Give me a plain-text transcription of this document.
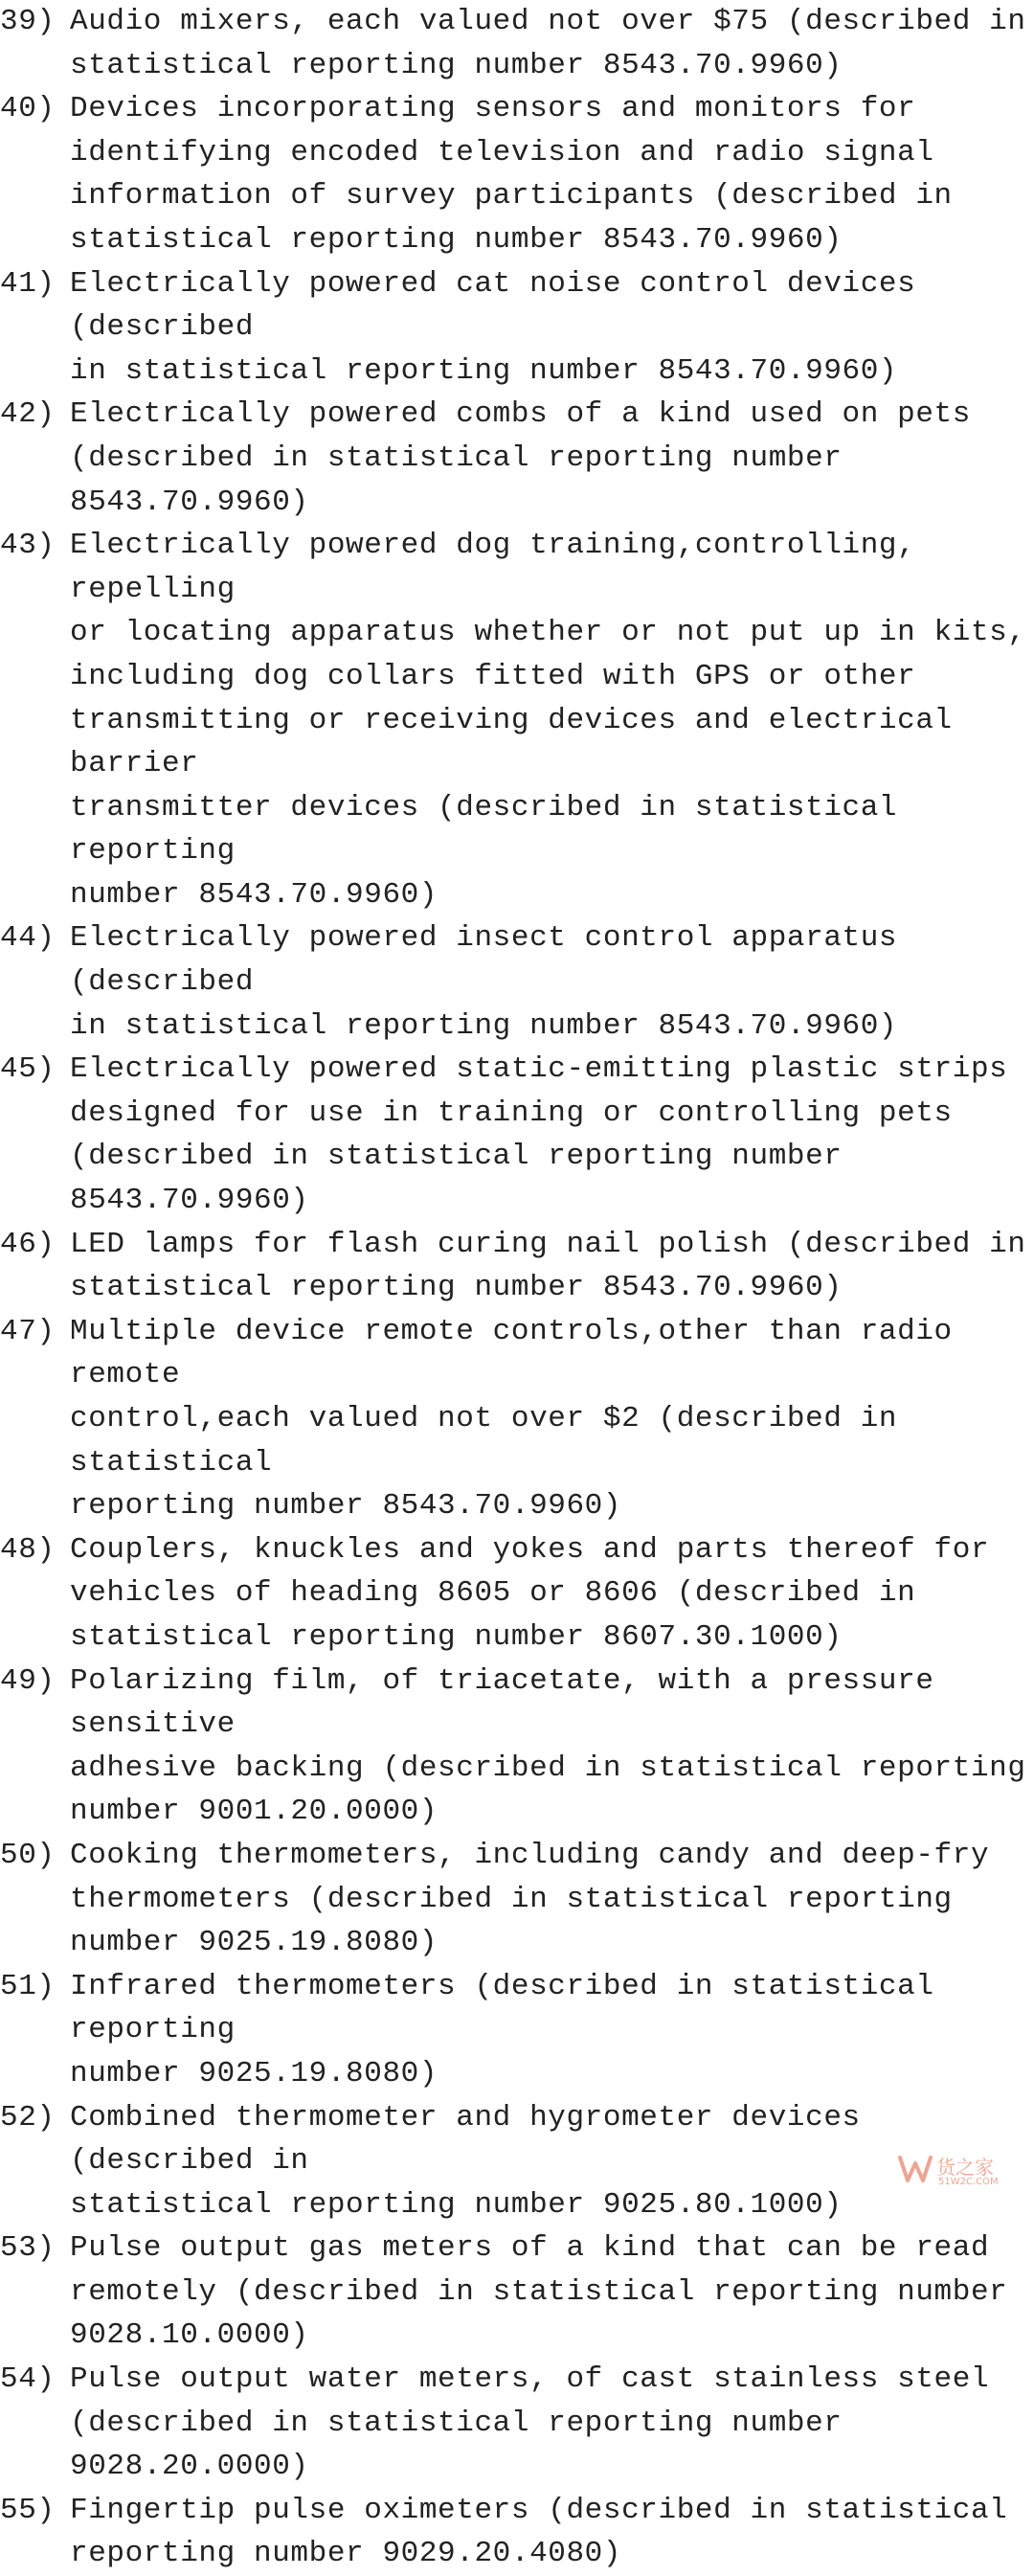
39) Audio mixers, each valued not over $75 (described in
statistical reporting number 8543.70.9960)
40) Devices incorporating sensors and monitors for
identifying encoded television and radio signal
information of survey participants (described in
statistical reporting number 8543.70.9960)
41) Electrically powered cat noise control devices (described
in statistical reporting number 8543.70.9960)
42) Electrically powered combs of a kind used on pets
(described in statistical reporting number 8543.70.9960)
43) Electrically powered dog training,controlling, repelling
or locating apparatus whether or not put up in kits,
including dog collars fitted with GPS or other
transmitting or receiving devices and electrical barrier
transmitter devices (described in statistical reporting
number 8543.70.9960)
44) Electrically powered insect control apparatus (described
in statistical reporting number 8543.70.9960)
45) Electrically powered static-emitting plastic strips
designed for use in training or controlling pets
(described in statistical reporting number 8543.70.9960)
46) LED lamps for flash curing nail polish (described in
statistical reporting number 8543.70.9960)
47) Multiple device remote controls,other than radio remote
control,each valued not over $2 (described in statistical
reporting number 8543.70.9960)
48) Couplers, knuckles and yokes and parts thereof for
vehicles of heading 8605 or 8606 (described in
statistical reporting number 8607.30.1000)
49) Polarizing film, of triacetate, with a pressure sensitive
adhesive backing (described in statistical reporting
number 9001.20.0000)
50) Cooking thermometers, including candy and deep-fry
thermometers (described in statistical reporting
number 9025.19.8080)
51) Infrared thermometers (described in statistical reporting
number 9025.19.8080)
52) Combined thermometer and hygrometer devices (described in
statistical reporting number 9025.80.1000)
53) Pulse output gas meters of a kind that can be read
remotely (described in statistical reporting number
9028.10.0000)
54) Pulse output water meters, of cast stainless steel
(described in statistical reporting number 9028.20.0000)
55) Fingertip pulse oximeters (described in statistical
reporting number 9029.20.4080)
货之家
51W2C.COM
